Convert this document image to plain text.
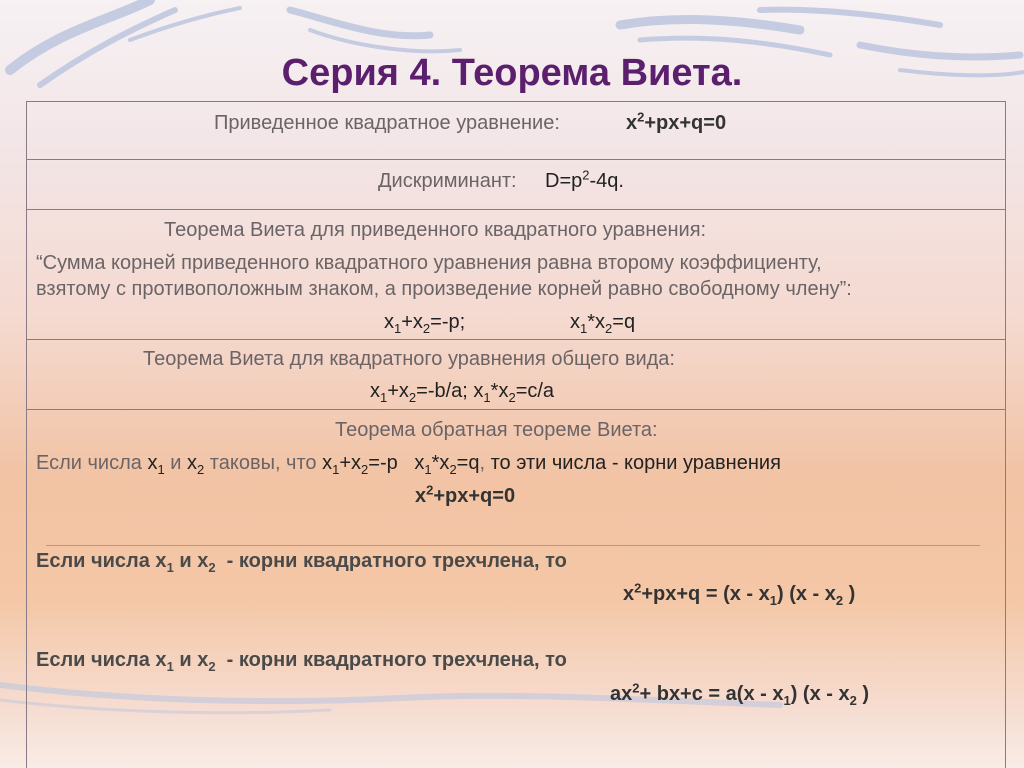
Серия 4. Теорема Виета.
Приведенное квадратное уравнение:	$x^2+px+q=0$
Дискриминант: $D=p^2-4q$.
Теорема Виета для приведенного квадратного уравнения:
“Сумма корней приведенного квадратного уравнения равна второму коэффициенту,
взятому с противоположным знаком, а произведение корней равно свободному члену”:
$x_1+x_2=-p$;	$x_1*x_2=q$
Теорема Виета для квадратного уравнения общего вида:
$x_1+x_2=-b/a$; $x_1*x_2=c/a$
Теорема обратная теореме Виета:
Если числа $x_1$ и $x_2$ таковы, что $x_1+x_2=-p$   $x_1*x_2=q$, то эти числа - корни уравнения
$x^2+px+q=0$
Если числа $x_1$ и $x_2$  - корни квадратного трехчлена, то
$x^2+px+q = (x - x_1)$ ($x - x_2$ )
Если числа $x_1$ и $x_2$  - корни квадратного трехчлена, то
$ax^2+ bx+c = a(x - x_1)$ ($x - x_2$ )
